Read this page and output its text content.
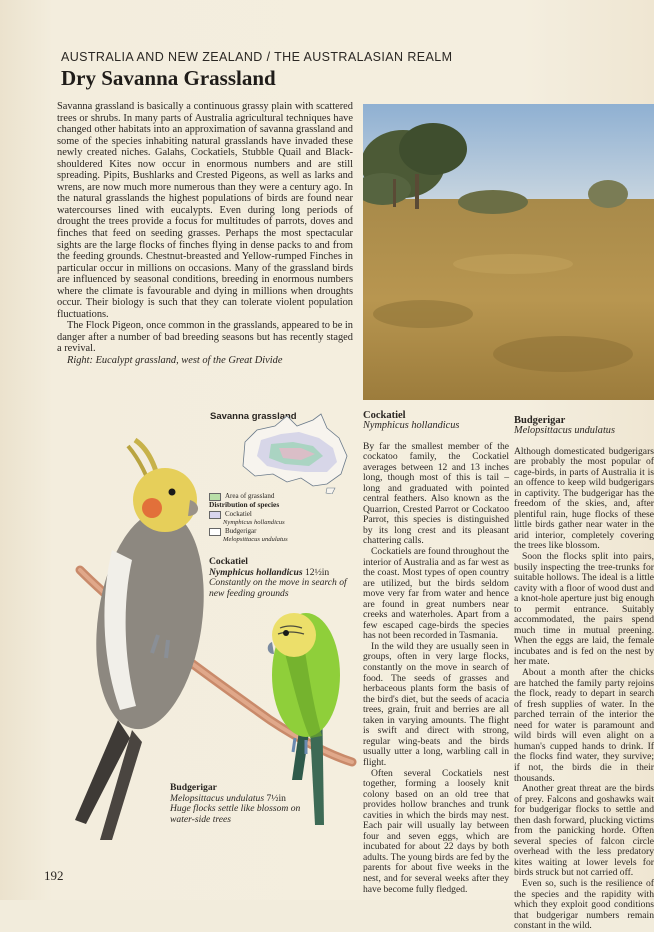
AUSTRALIA AND NEW ZEALAND / THE AUSTRALASIAN REALM
Dry Savanna Grassland

Savanna grassland is basically a continuous grassy plain with scattered trees or shrubs. In many parts of Australia agricultural techniques have changed other habitats into an approximation of savanna grassland and some of the species inhabiting natural grasslands have invaded these newly created niches. Galahs, Cockatiels, Stubble Quail and Black-shouldered Kites now occur in enormous numbers and are still spreading. Pipits, Bushlarks and Crested Pigeons, as well as larks and wrens, are now much more numerous than they were a century ago. In the natural grasslands the highest populations of birds are found near watercourses lined with eucalypts. Even during long periods of drought the trees provide a focus for multitudes of parrots, doves and finches that feed on seeding grasses. Perhaps the most spectacular sights are the large flocks of finches flying in dense packs to and from the feeding grounds. Chestnut-breasted and Yellow-rumped Finches in particular occur in millions on occasions. Many of the grassland birds are influenced by seasonal conditions, breeding in enormous numbers where the climate is favourable and dying in millions when droughts occur. Their biology is such that they can tolerate violent population fluctuations.

The Flock Pigeon, once common in the grasslands, appeared to be in danger after a number of bad breeding seasons but has recently staged a revival.

Right: Eucalypt grassland, west of the Great Divide

Savanna grassland
Area of grassland
Distribution of species
Cockatiel
Nymphicus hollandicus
Budgerigar
Melopsittacus undulatus
Cockatiel
Nymphicus hollandicus 12½in
Constantly on the move in search of new feeding grounds
Budgerigar
Melopsittacus undulatus 7½in
Huge flocks settle like blossom on water-side trees
Cockatiel
Nymphicus hollandicus

By far the smallest member of the cockatoo family, the Cockatiel averages between 12 and 13 inches long, though most of this is tail – long and graduated with pointed central feathers. Also known as the Quarrion, Crested Parrot or Cockatoo Parrot, this species is distinguished by its long crest and its pleasant chattering calls.

Cockatiels are found throughout the interior of Australia and as far west as the coast. Most types of open country are utilized, but the birds seldom move very far from water and hence are found in great numbers near creeks and waterholes. Apart from a few escaped cage-birds the species has not been recorded in Tasmania.

In the wild they are usually seen in groups, often in very large flocks, constantly on the move in search of food. The seeds of grasses and herbaceous plants form the basis of the bird's diet, but the seeds of acacia trees, grain, fruit and berries are all taken in varying amounts. The flight is swift and direct with strong, regular wing-beats and the birds usually utter a long, warbling call in flight.

Often several Cockatiels nest together, forming a loosely knit colony based on an old tree that provides hollow branches and trunk cavities in which the birds may nest. Each pair will usually lay between four and seven eggs, which are incubated for about 22 days by both adults. The young birds are fed by the parents for about five weeks in the nest, and for several weeks after they have become fully fledged.

Budgerigar
Melopsittacus undulatus

Although domesticated budgerigars are probably the most popular of cage-birds, in parts of Australia it is an offence to keep wild budgerigars in captivity. The budgerigar has the freedom of the skies, and, after plentiful rain, huge flocks of these little birds gather near water in the arid interior, completely covering the trees like blossom.

Soon the flocks split into pairs, busily inspecting the tree-trunks for suitable hollows. The ideal is a little cavity with a floor of wood dust and a knot-hole aperture just big enough to permit entrance. Suitably accommodated, the pairs spend much time in mutual preening. When the eggs are laid, the female incubates and is fed on the nest by her mate.

About a month after the chicks are hatched the family party rejoins the flock, ready to depart in search of fresh supplies of water. In the parched terrain of the interior the need for water is paramount and wild birds will even alight on a human's cupped hands to drink. If the flocks find water, they survive; if not, the birds die in their thousands.

Another great threat are the birds of prey. Falcons and goshawks wait for budgerigar flocks to settle and then dash forward, plucking victims from the panicking horde. Often several species of falcon circle overhead with the less predatory kites waiting at lower levels for birds struck but not carried off.

Even so, such is the resilience of the species and the rapidity with which they exploit good conditions that budgerigar numbers remain constant in the wild.

192
